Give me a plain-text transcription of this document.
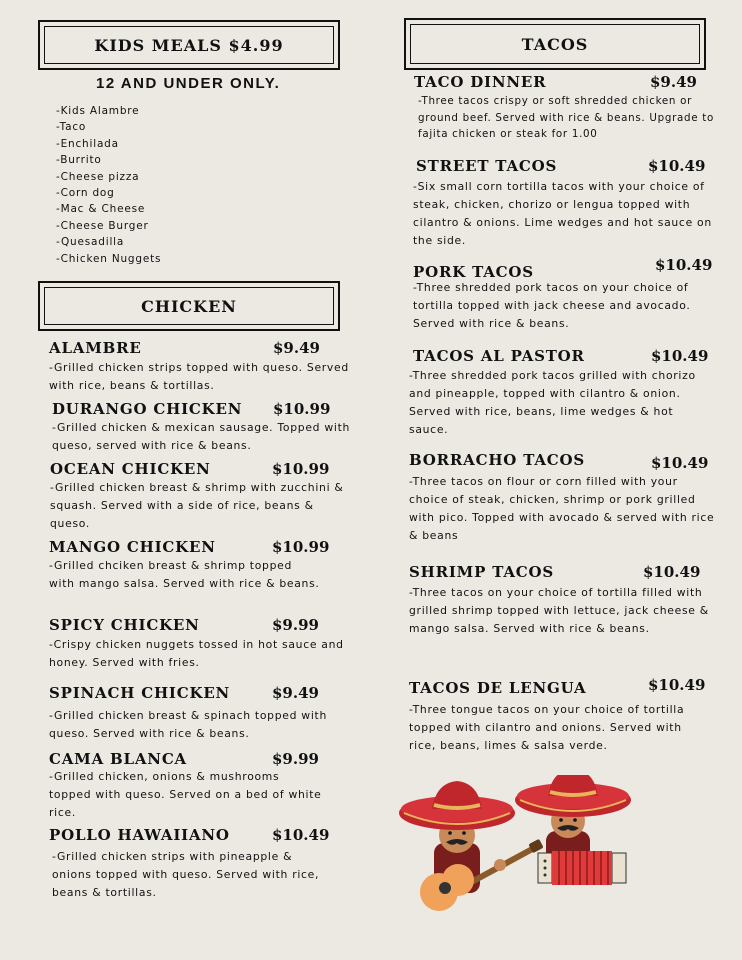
KIDS MEALS $4.99
12 AND UNDER ONLY.
-Kids Alambre
-Taco
-Enchilada
-Burrito
-Cheese pizza
-Corn dog
-Mac & Cheese
-Cheese Burger
-Quesadilla
-Chicken Nuggets
CHICKEN
ALAMBRE	$9.49

-Grilled chicken strips topped with queso. Served with rice, beans & tortillas.

DURANGO CHICKEN $10.99

-Grilled chicken & mexican sausage. Topped with queso, served with rice & beans.

OCEAN CHICKEN	$10.99

-Grilled chicken breast & shrimp with zucchini & squash. Served with a side of rice, beans & queso.

MANGO CHICKEN	$10.99

-Grilled chciken breast & shrimp topped with mango salsa. Served with rice & beans.

SPICY CHICKEN	$9.99

-Crispy chicken nuggets tossed in hot sauce and honey. Served with fries.

SPINACH CHICKEN	$9.49

-Grilled chicken breast & spinach topped with queso. Served with rice & beans.

CAMA BLANCA	$9.99

-Grilled chicken, onions & mushrooms topped with queso. Served on a bed of white rice.

POLLO HAWAIIANO	$10.49

-Grilled chicken strips with pineapple & onions topped with queso. Served with rice, beans & tortillas.

TACOS
TACO DINNER	$9.49

-Three tacos crispy or soft shredded chicken or ground beef. Served with rice & beans. Upgrade to fajita chicken or steak for 1.00

STREET TACOS	$10.49

-Six small corn tortilla tacos with your choice of steak, chicken, chorizo or lengua topped with cilantro & onions. Lime wedges and hot sauce on the side.

PORK TACOS	$10.49

-Three shredded pork tacos on your choice of tortilla topped with jack cheese and avocado. Served with rice & beans.

TACOS AL PASTOR	$10.49

-Three shredded pork tacos grilled with chorizo and pineapple, topped with cilantro & onion. Served with rice, beans, lime wedges & hot sauce.

BORRACHO TACOS	$10.49

-Three tacos on flour or corn filled with your choice of steak, chicken, shrimp or pork grilled with pico. Topped with avocado & served with rice & beans

SHRIMP TACOS	$10.49

-Three tacos on your choice of tortilla filled with grilled shrimp topped with lettuce, jack cheese & mango salsa. Served with rice & beans.

TACOS DE LENGUA	$10.49

-Three tongue tacos on your choice of tortilla topped with cilantro and onions. Served with rice, beans, limes & salsa verde.
